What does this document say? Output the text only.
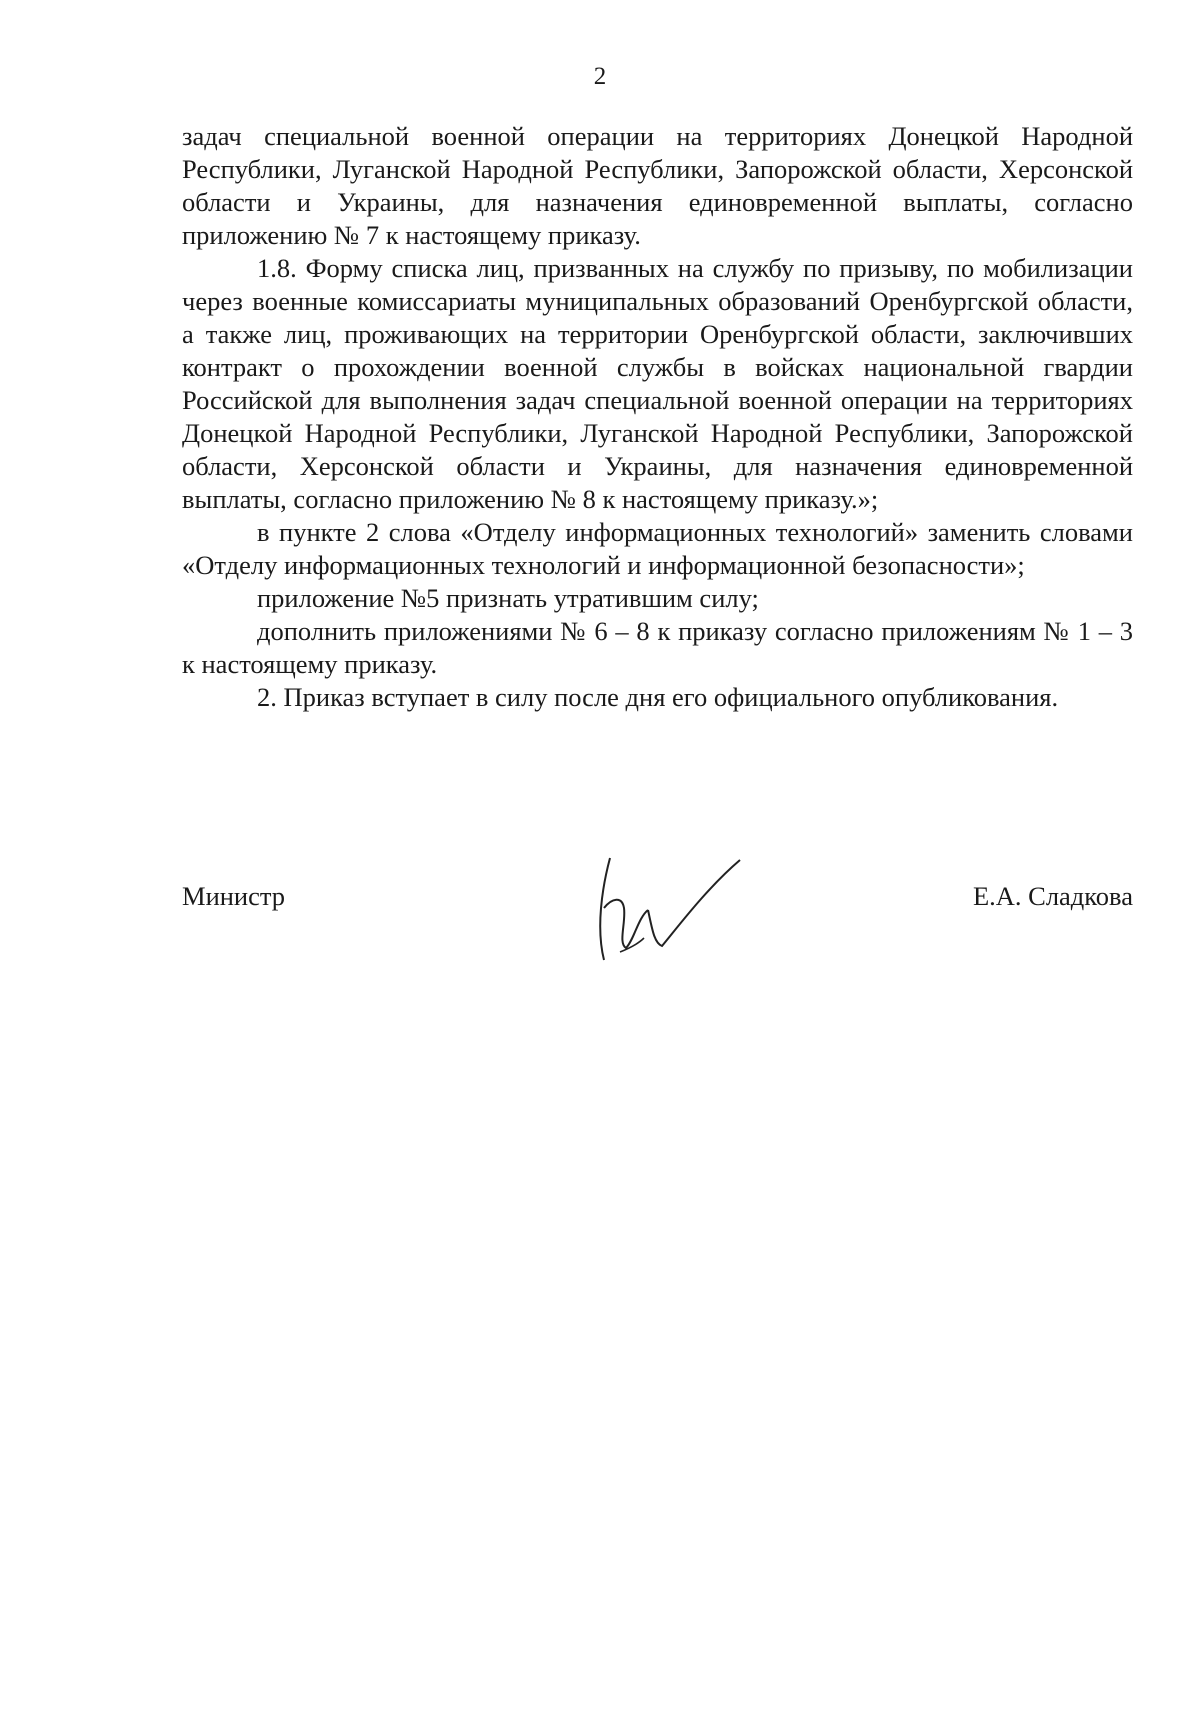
2

задач специальной военной операции на территориях Донецкой Народной Республики, Луганской Народной Республики, Запорожской области, Херсонской области и Украины, для назначения единовременной выплаты, согласно приложению № 7 к настоящему приказу.

1.8. Форму списка лиц, призванных на службу по призыву, по мобилизации через военные комиссариаты муниципальных образований Оренбургской области, а также лиц, проживающих на территории Оренбургской области, заключивших контракт о прохождении военной службы в войсках национальной гвардии Российской для выполнения задач специальной военной операции на территориях Донецкой Народной Республики, Луганской Народной Республики, Запорожской области, Херсонской области и Украины, для назначения единовременной выплаты, согласно приложению № 8 к настоящему приказу.»;

в пункте 2 слова «Отделу информационных технологий» заменить словами «Отделу информационных технологий и информационной безопасности»;

приложение №5 признать утратившим силу;

дополнить приложениями № 6 – 8 к приказу согласно приложениям № 1 – 3 к настоящему приказу.

2. Приказ вступает в силу после дня его официального опубликования.

Министр	Е.А. Сладкова
